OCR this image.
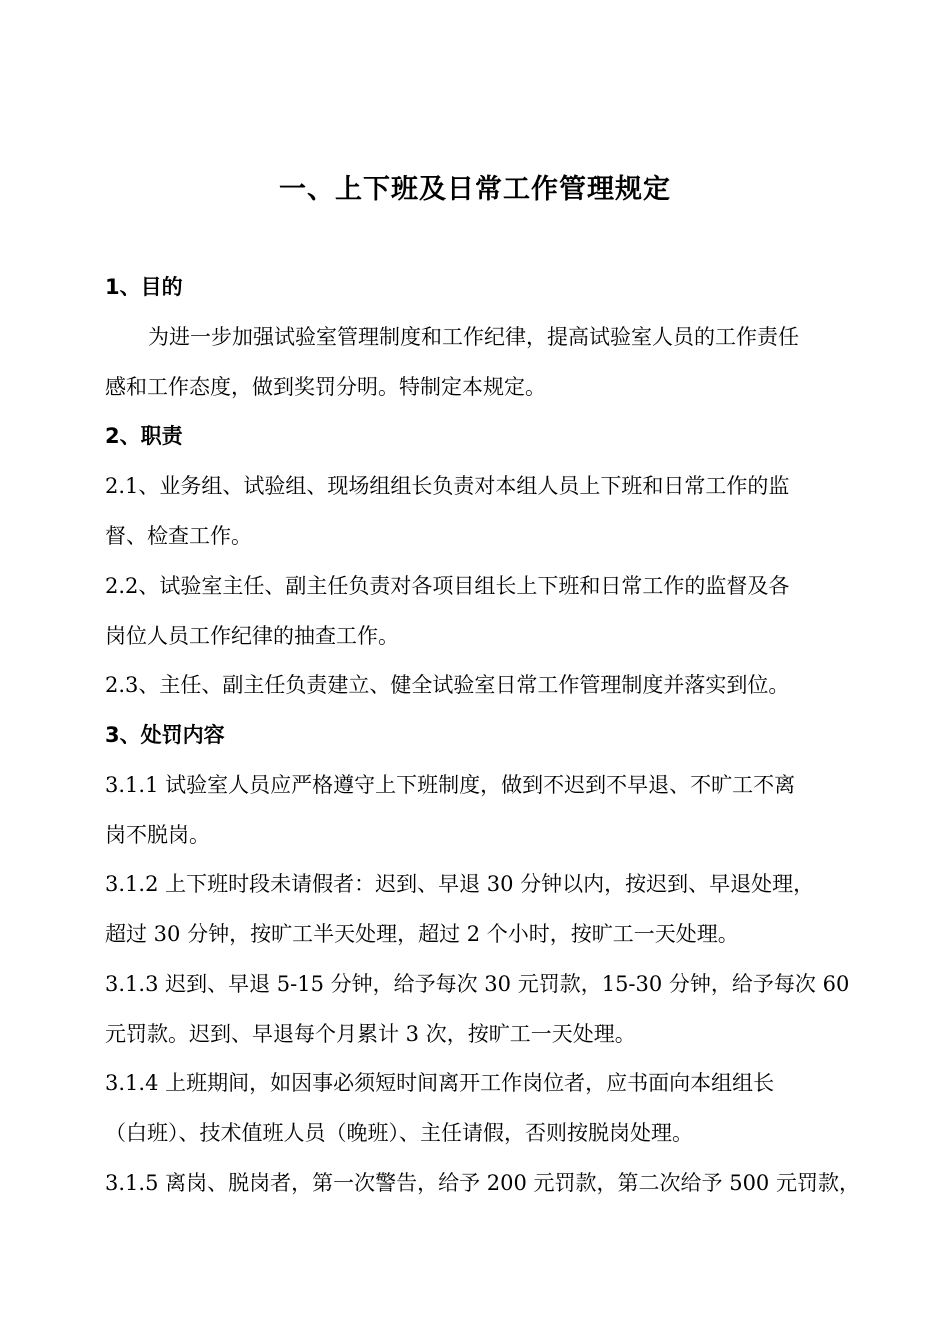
一、上下班及日常工作管理规定
1、目的
为进一步加强试验室管理制度和工作纪律，提高试验室人员的工作责任
感和工作态度，做到奖罚分明。特制定本规定。
2、职责
2.1、业务组、试验组、现场组组长负责对本组人员上下班和日常工作的监
督、检查工作。
2.2、试验室主任、副主任负责对各项目组长上下班和日常工作的监督及各
岗位人员工作纪律的抽查工作。
2.3、主任、副主任负责建立、健全试验室日常工作管理制度并落实到位。
3、处罚内容
3.1.1 试验室人员应严格遵守上下班制度，做到不迟到不早退、不旷工不离
岗不脱岗。
3.1.2 上下班时段未请假者：迟到、早退 30 分钟以内，按迟到、早退处理，
超过 30 分钟，按旷工半天处理，超过 2 个小时，按旷工一天处理。
3.1.3 迟到、早退 5-15 分钟，给予每次 30 元罚款，15-30 分钟，给予每次 60
元罚款。迟到、早退每个月累计 3 次，按旷工一天处理。
3.1.4 上班期间，如因事必须短时间离开工作岗位者，应书面向本组组长
（白班）、技术值班人员（晚班）、主任请假，否则按脱岗处理。
3.1.5 离岗、脱岗者，第一次警告，给予 200 元罚款，第二次给予 500 元罚款，
